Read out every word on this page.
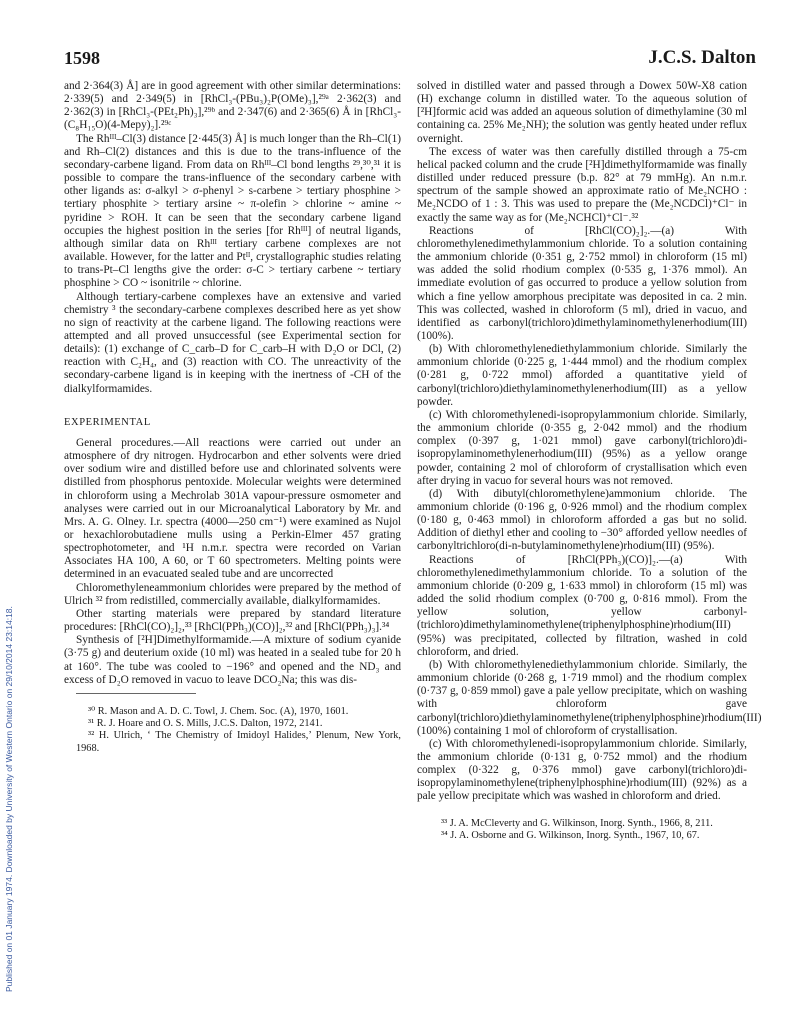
1598	J.C.S. Dalton
Published on 01 January 1974. Downloaded by University of Western Ontario on 29/10/2014 23:14:18.

and 2·364(3) Å] are in good agreement with other similar determinations: 2·339(5) and 2·349(5) in [RhCl₃-(PBu₃)₂P(OMe)₃],²⁹ᵃ 2·362(3) and 2·362(3) in [RhCl₃-(PEt₂Ph)₃],²⁹ᵇ and 2·347(6) and 2·365(6) Å in [RhCl₃-(C₈H₁₅O)(4-Mepy)₂].²⁹ᶜ

The Rhᴵᴵᴵ–Cl(3) distance [2·445(3) Å] is much longer than the Rh–Cl(1) and Rh–Cl(2) distances and this is due to the trans-influence of the secondary-carbene ligand. From data on Rhᴵᴵᴵ–Cl bond lengths ²⁹,³⁰,³¹ it is possible to compare the trans-influence of the secondary carbene with other ligands as: σ-alkyl > σ-phenyl > s-carbene > tertiary phosphine > tertiary phosphite > tertiary arsine ~ π-olefin > chlorine ~ amine ~ pyridine > ROH. It can be seen that the secondary carbene ligand occupies the highest position in the series [for Rhᴵᴵᴵ] of neutral ligands, although similar data on Rhᴵᴵᴵ tertiary carbene complexes are not available. However, for the latter and Ptᴵᴵ, crystallographic studies relating to trans-Pt–Cl lengths give the order: σ-C > tertiary carbene ~ tertiary phosphine > CO ~ isonitrile ~ chlorine.

Although tertiary-carbene complexes have an extensive and varied chemistry ³ the secondary-carbene complexes described here as yet show no sign of reactivity at the carbene ligand. The following reactions were attempted and all proved unsuccessful (see Experimental section for details): (1) exchange of C_carb–D for C_carb–H with D₂O or DCl, (2) reaction with C₂H₄, and (3) reaction with CO. The unreactivity of the secondary-carbene ligand is in keeping with the inertness of -CH of the dialkylformamides.

EXPERIMENTAL

General procedures.—All reactions were carried out under an atmosphere of dry nitrogen. Hydrocarbon and ether solvents were dried over sodium wire and distilled before use and chlorinated solvents were distilled from phosphorus pentoxide. Molecular weights were determined in chloroform using a Mechrolab 301A vapour-pressure osmometer and analyses were carried out in our Microanalytical Laboratory by Mr. and Mrs. A. G. Olney. I.r. spectra (4000—250 cm⁻¹) were examined as Nujol or hexachlorobutadiene mulls using a Perkin-Elmer 457 grating spectrophotometer, and ¹H n.m.r. spectra were recorded on Varian Associates HA 100, A 60, or T 60 spectrometers. Melting points were determined in an evacuated sealed tube and are uncorrected

Chloromethyleneammonium chlorides were prepared by the method of Ulrich ³² from redistilled, commercially available, dialkylformamides.

Other starting materials were prepared by standard literature procedures: [RhCl(CO)₂]₂,³³ [RhCl(PPh₃)(CO)]₂,³² and [RhCl(PPh₃)₃].³⁴

Synthesis of [²H]Dimethylformamide.—A mixture of sodium cyanide (3·75 g) and deuterium oxide (10 ml) was heated in a sealed tube for 20 h at 160°. The tube was cooled to −196° and opened and the ND₃ and excess of D₂O removed in vacuo to leave DCO₂Na; this was dis-

³⁰ R. Mason and A. D. C. Towl, J. Chem. Soc. (A), 1970, 1601.

³¹ R. J. Hoare and O. S. Mills, J.C.S. Dalton, 1972, 2141.

³² H. Ulrich, ‘ The Chemistry of Imidoyl Halides,’ Plenum, New York, 1968.

solved in distilled water and passed through a Dowex 50W-X8 cation (H) exchange column in distilled water. To the aqueous solution of [²H]formic acid was added an aqueous solution of dimethylamine (30 ml containing ca. 25% Me₂NH); the solution was gently heated under reflux overnight.

The excess of water was then carefully distilled through a 75-cm helical packed column and the crude [²H]dimethylformamide was finally distilled under reduced pressure (b.p. 82° at 79 mmHg). An n.m.r. spectrum of the sample showed an approximate ratio of Me₂NCHO : Me₂NCDO of 1 : 3. This was used to prepare the (Me₂NCDCl)⁺Cl⁻ in exactly the same way as for (Me₂NCHCl)⁺Cl⁻.³²

Reactions of [RhCl(CO)₂]₂.—(a) With chloromethylenedimethylammonium chloride. To a solution containing the ammonium chloride (0·351 g, 2·752 mmol) in chloroform (15 ml) was added the solid rhodium complex (0·535 g, 1·376 mmol). An immediate evolution of gas occurred to produce a yellow solution from which a fine yellow amorphous precipitate was deposited in ca. 2 min. This was collected, washed in chloroform (5 ml), dried in vacuo, and identified as carbonyl(trichloro)dimethylaminomethylenerhodium(III) (100%).

(b) With chloromethylenediethylammonium chloride. Similarly the ammonium chloride (0·225 g, 1·444 mmol) and the rhodium complex (0·281 g, 0·722 mmol) afforded a quantitative yield of carbonyl(trichloro)diethylaminomethylenerhodium(III) as a yellow powder.

(c) With chloromethylenedi-isopropylammonium chloride. Similarly, the ammonium chloride (0·355 g, 2·042 mmol) and the rhodium complex (0·397 g, 1·021 mmol) gave carbonyl(trichloro)di-isopropylaminomethylenerhodium(III) (95%) as a yellow orange powder, containing 2 mol of chloroform of crystallisation which even after drying in vacuo for several hours was not removed.

(d) With dibutyl(chloromethylene)ammonium chloride. The ammonium chloride (0·196 g, 0·926 mmol) and the rhodium complex (0·180 g, 0·463 mmol) in chloroform afforded a gas but no solid. Addition of diethyl ether and cooling to −30° afforded yellow needles of carbonyltrichloro(di-n-butylaminomethylene)rhodium(III) (95%).

Reactions of [RhCl(PPh₃)(CO)]₂.—(a) With chloromethylenedimethylammonium chloride. To a solution of the ammonium chloride (0·209 g, 1·633 mmol) in chloroform (15 ml) was added the solid rhodium complex (0·700 g, 0·816 mmol). From the yellow solution, yellow carbonyl-(trichloro)dimethylaminomethylene(triphenylphosphine)rhodium(III) (95%) was precipitated, collected by filtration, washed in cold chloroform, and dried.

(b) With chloromethylenediethylammonium chloride. Similarly, the ammonium chloride (0·268 g, 1·719 mmol) and the rhodium complex (0·737 g, 0·859 mmol) gave a pale yellow precipitate, which on washing with chloroform gave carbonyl(trichloro)diethylaminomethylene(triphenylphosphine)rhodium(III) (100%) containing 1 mol of chloroform of crystallisation.

(c) With chloromethylenedi-isopropylammonium chloride. Similarly, the ammonium chloride (0·131 g, 0·752 mmol) and the rhodium complex (0·322 g, 0·376 mmol) gave carbonyl(trichloro)di-isopropylaminomethylene(triphenylphosphine)rhodium(III) (92%) as a pale yellow precipitate which was washed in chloroform and dried.

³³ J. A. McCleverty and G. Wilkinson, Inorg. Synth., 1966, 8, 211.

³⁴ J. A. Osborne and G. Wilkinson, Inorg. Synth., 1967, 10, 67.
